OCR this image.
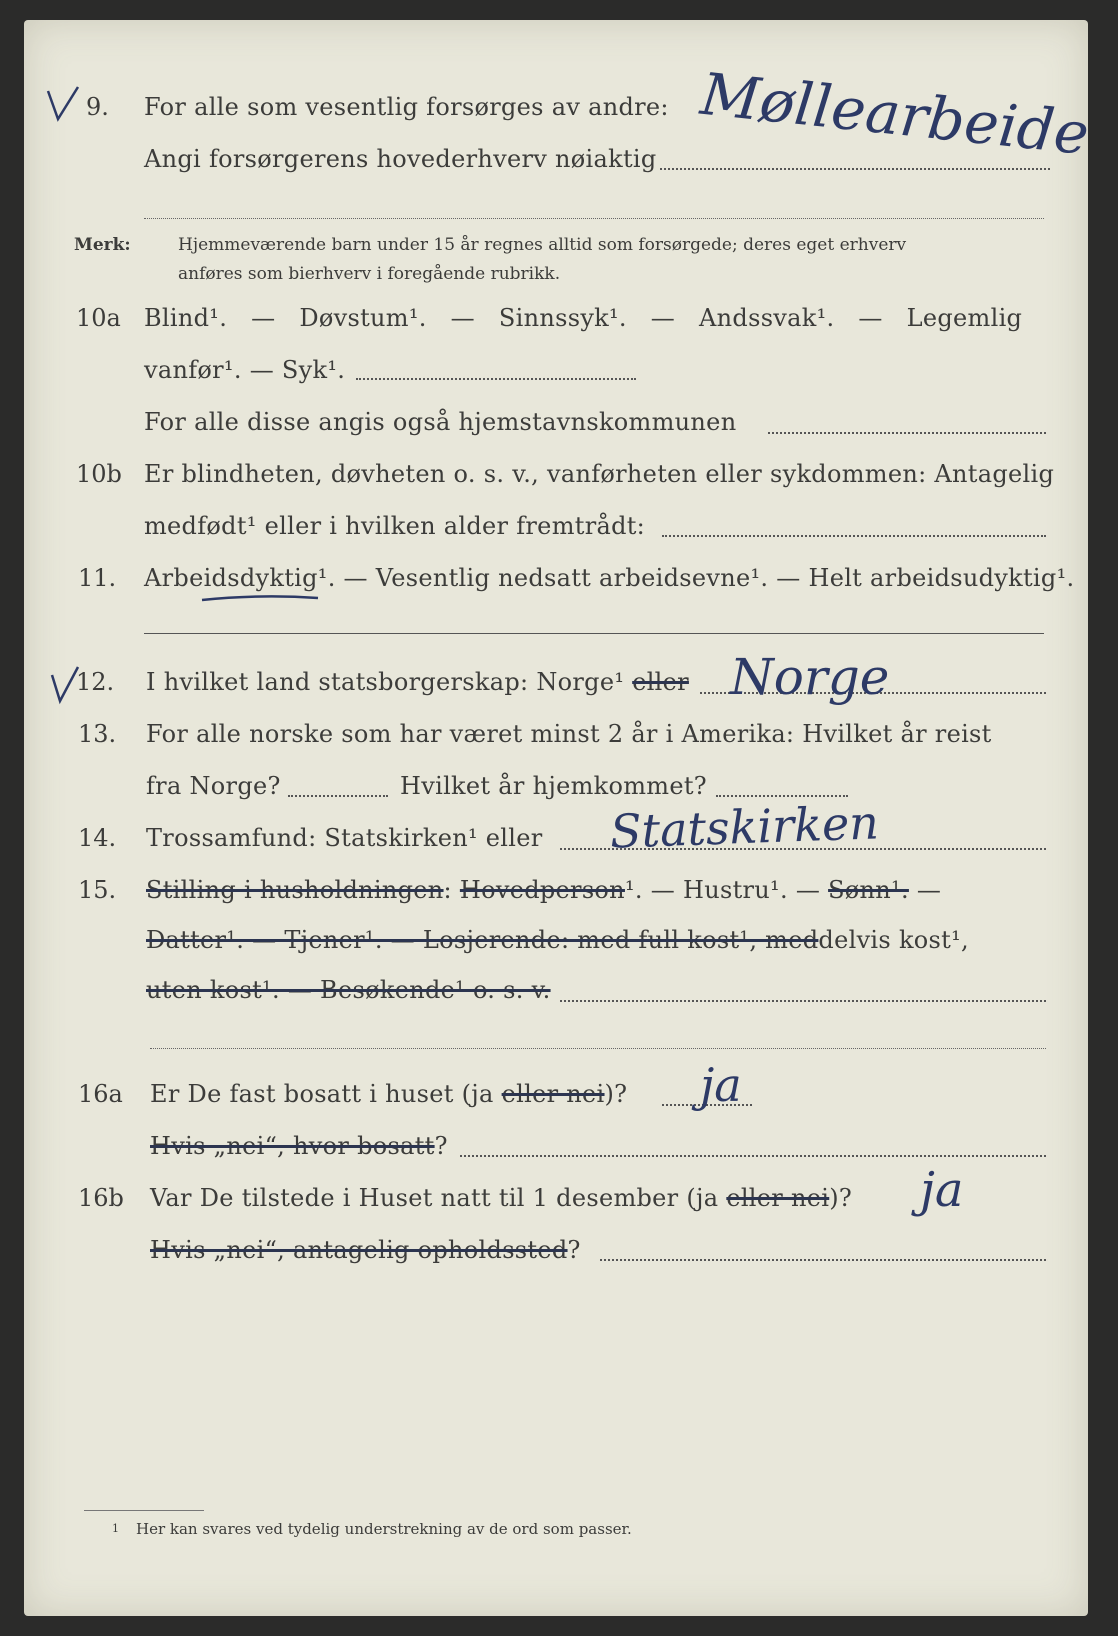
9. For alle som vesentlig forsørges av andre:
Angi forsørgerens hovederhverv nøiaktig Møllearbeide
Merk:	Hjemmeværende barn under 15 år regnes alltid som forsørgede; deres eget erhverv
anføres som bierhverv i foregående rubrikk.
10a Blind¹. — Døvstum¹. — Sinnssyk¹. — Andssvak¹. — Legemlig
vanfør¹. — Syk¹.
For alle disse angis også hjemstavnskommunen
10b Er blindheten, døvheten o. s. v., vanførheten eller sykdommen: Antagelig
medfødt¹ eller i hvilken alder fremtrådt:
11. Arbeidsdyktig¹. — Vesentlig nedsatt arbeidsevne¹. — Helt arbeidsudyktig¹.
12. I hvilket land statsborgerskap: Norge¹ eller Norge
13. For alle norske som har været minst 2 år i Amerika: Hvilket år reist
fra Norge?	Hvilket år hjemkommet?
14. Trossamfund: Statskirken¹ eller Statskirken
15. Stilling i husholdningen: Hovedperson¹. — Hustru¹. — Sønn¹. —
Datter¹. — Tjener¹. — Losjerende: med full kost¹, meddelvis kost¹,
uten kost¹. — Besøkende¹ o. s. v.
16a Er De fast bosatt i huset (ja eller nei)? ja
Hvis „nei“, hvor bosatt?
16b Var De tilstede i Huset natt til 1 desember (ja eller nei)? ja
Hvis „nei“, antagelig opholdssted?
1 Her kan svares ved tydelig understrekning av de ord som passer.
